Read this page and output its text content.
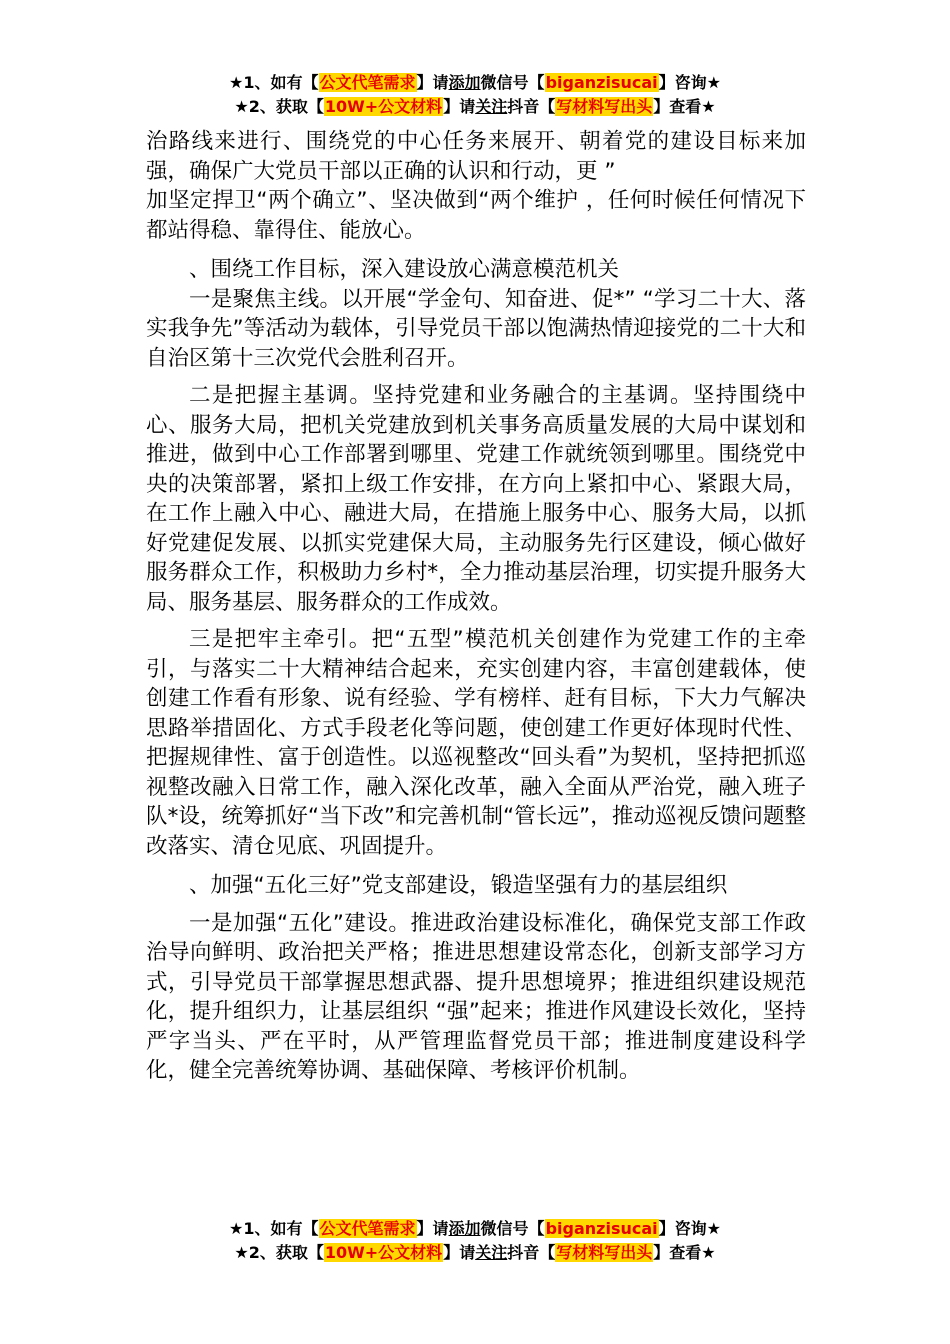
★1、如有【公文代笔需求】请添加微信号【biganzisucai】咨询★
★2、获取【10W+公文材料】请关注抖音【写材料写出头】查看★

治路线来进行、围绕党的中心任务来展开、朝着党的建设目标来加强，确保广大党员干部以正确的认识和行动，更 ”

加坚定捍卫“两个确立”、坚决做到“两个维护 ，任何时候任何情况下都站得稳、靠得住、能放心。

、围绕工作目标，深入建设放心满意模范机关

一是聚焦主线。以开展“学金句、知奋进、促*” “学习二十大、落实我争先”等活动为载体，引导党员干部以饱满热情迎接党的二十大和自治区第十三次党代会胜利召开。

二是把握主基调。坚持党建和业务融合的主基调。坚持围绕中心、服务大局，把机关党建放到机关事务高质量发展的大局中谋划和推进，做到中心工作部署到哪里、党建工作就统领到哪里。围绕党中央的决策部署，紧扣上级工作安排，在方向上紧扣中心、紧跟大局，在工作上融入中心、融进大局，在措施上服务中心、服务大局，以抓好党建促发展、以抓实党建保大局，主动服务先行区建设，倾心做好服务群众工作，积极助力乡村*，全力推动基层治理，切实提升服务大局、服务基层、服务群众的工作成效。

三是把牢主牵引。把“五型”模范机关创建作为党建工作的主牵引，与落实二十大精神结合起来，充实创建内容，丰富创建载体，使创建工作看有形象、说有经验、学有榜样、赶有目标，下大力气解决思路举措固化、方式手段老化等问题，使创建工作更好体现时代性、把握规律性、富于创造性。以巡视整改“回头看”为契机，坚持把抓巡视整改融入日常工作，融入深化改革，融入全面从严治党，融入班子队*设，统筹抓好“当下改”和完善机制“管长远”，推动巡视反馈问题整改落实、清仓见底、巩固提升。

、加强“五化三好”党支部建设，锻造坚强有力的基层组织

一是加强“五化”建设。推进政治建设标准化，确保党支部工作政治导向鲜明、政治把关严格；推进思想建设常态化，创新支部学习方式，引导党员干部掌握思想武器、提升思想境界；推进组织建设规范化，提升组织力，让基层组织 “强”起来；推进作风建设长效化，坚持严字当头、严在平时，从严管理监督党员干部；推进制度建设科学化，健全完善统筹协调、基础保障、考核评价机制。

★1、如有【公文代笔需求】请添加微信号【biganzisucai】咨询★
★2、获取【10W+公文材料】请关注抖音【写材料写出头】查看★
